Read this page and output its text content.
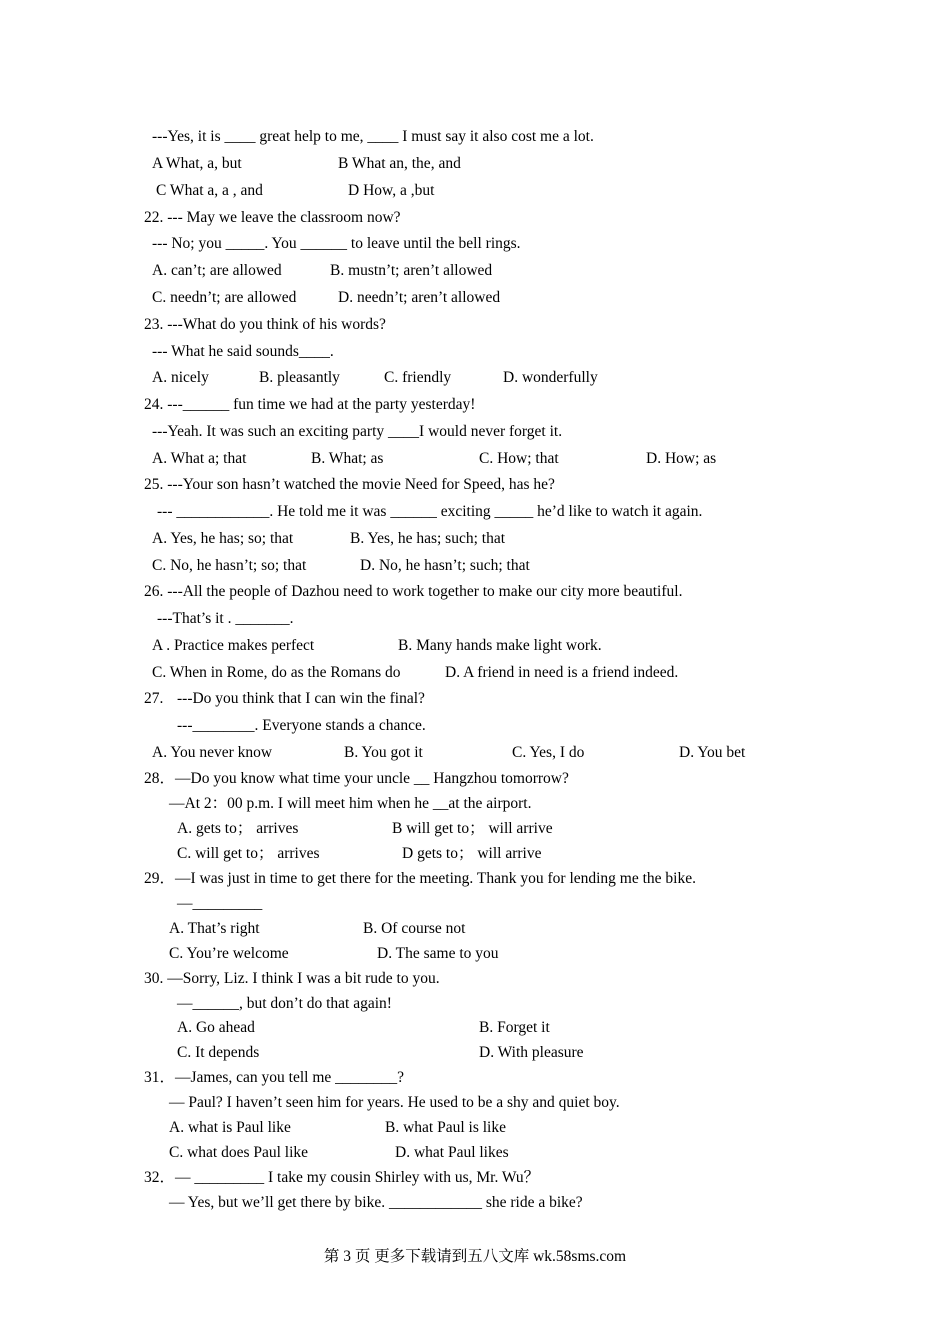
---Yes, it is ____ great help to me, ____ I must say it also cost me a lot.
A What, a, but	B What an, the, and
C What a, a , and	D How, a ,but
22. --- May we leave the classroom now?
--- No; you _____. You ______ to leave until the bell rings.
A. can’t; are allowed	B. mustn’t; aren’t allowed
C. needn’t; are allowed	D. needn’t; aren’t allowed
23. ---What do you think of his words?
--- What he said sounds____.
A. nicely	B. pleasantly	C. friendly	D. wonderfully
24. ---______ fun time we had at the party yesterday!
---Yeah. It was such an exciting party ____I would never forget it.
A. What a; that	B. What; as	C. How; that	D. How; as
25. ---Your son hasn’t watched the movie Need for Speed, has he?
--- ____________. He told me it was ______ exciting _____ he’d like to watch it again.
A. Yes, he has; so; that	B. Yes, he has; such; that
C. No, he hasn’t; so; that	D. No, he hasn’t; such; that
26. ---All the people of Dazhou need to work together to make our city more beautiful.
---That’s it . _______.
A . Practice makes perfect	B. Many hands make light work.
C. When in Rome, do as the Romans do	D. A friend in need is a friend indeed.
27. ---Do you think that I can win the final?
---________. Everyone stands a chance.
A. You never know	B. You got it	C. Yes, I do	D. You bet
28．—Do you know what time your uncle __ Hangzhou tomorrow?
—At 2：00 p.m. I will meet him when he __at the airport.
A. gets to； arrives	B will get to； will arrive
C. will get to； arrives	D gets to； will arrive
29．—I was just in time to get there for the meeting. Thank you for lending me the bike.
—_________
A. That’s right	B. Of course not
C. You’re welcome	D. The same to you
30. —Sorry, Liz. I think I was a bit rude to you.
—______, but don’t do that again!
A. Go ahead	B. Forget it
C. It depends	D. With pleasure
31．—James, can you tell me ________?
— Paul? I haven’t seen him for years. He used to be a shy and quiet boy.
A. what is Paul like	B. what Paul is like
C. what does Paul like	D. what Paul likes
32．— _________ I take my cousin Shirley with us, Mr. Wu？
— Yes, but we’ll get there by bike. ____________ she ride a bike?
第 3 页 更多下载请到五八文库 wk.58sms.com
